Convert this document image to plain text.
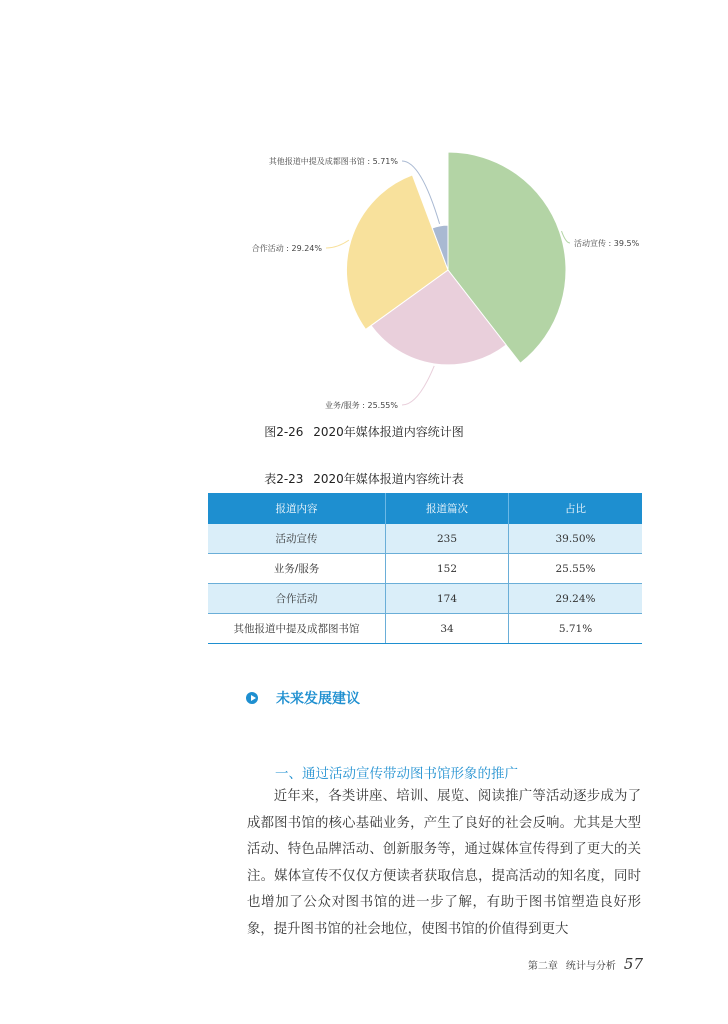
活动宣传 : 39.5%
业务/服务 : 25.55%
合作活动 : 29.24%
其他报道中提及成都图书馆 : 5.71%
图2-26 2020年媒体报道内容统计图
表2-23 2020年媒体报道内容统计表
报道内容	报道篇次	占比
活动宣传	235	39.50%
业务/服务	152	25.55%
合作活动	174	29.24%
其他报道中提及成都图书馆	34	5.71%
未来发展建议
一、通过活动宣传带动图书馆形象的推广

近年来，各类讲座、培训、展览、阅读推广等活动逐步成为了成都图书馆的核心基础业务，产生了良好的社会反响。尤其是大型活动、特色品牌活动、创新服务等，通过媒体宣传得到了更大的关注。媒体宣传不仅仅方便读者获取信息，提高活动的知名度，同时也增加了公众对图书馆的进一步了解，有助于图书馆塑造良好形象，提升图书馆的社会地位，使图书馆的价值得到更大

第二章 统计与分析 57
